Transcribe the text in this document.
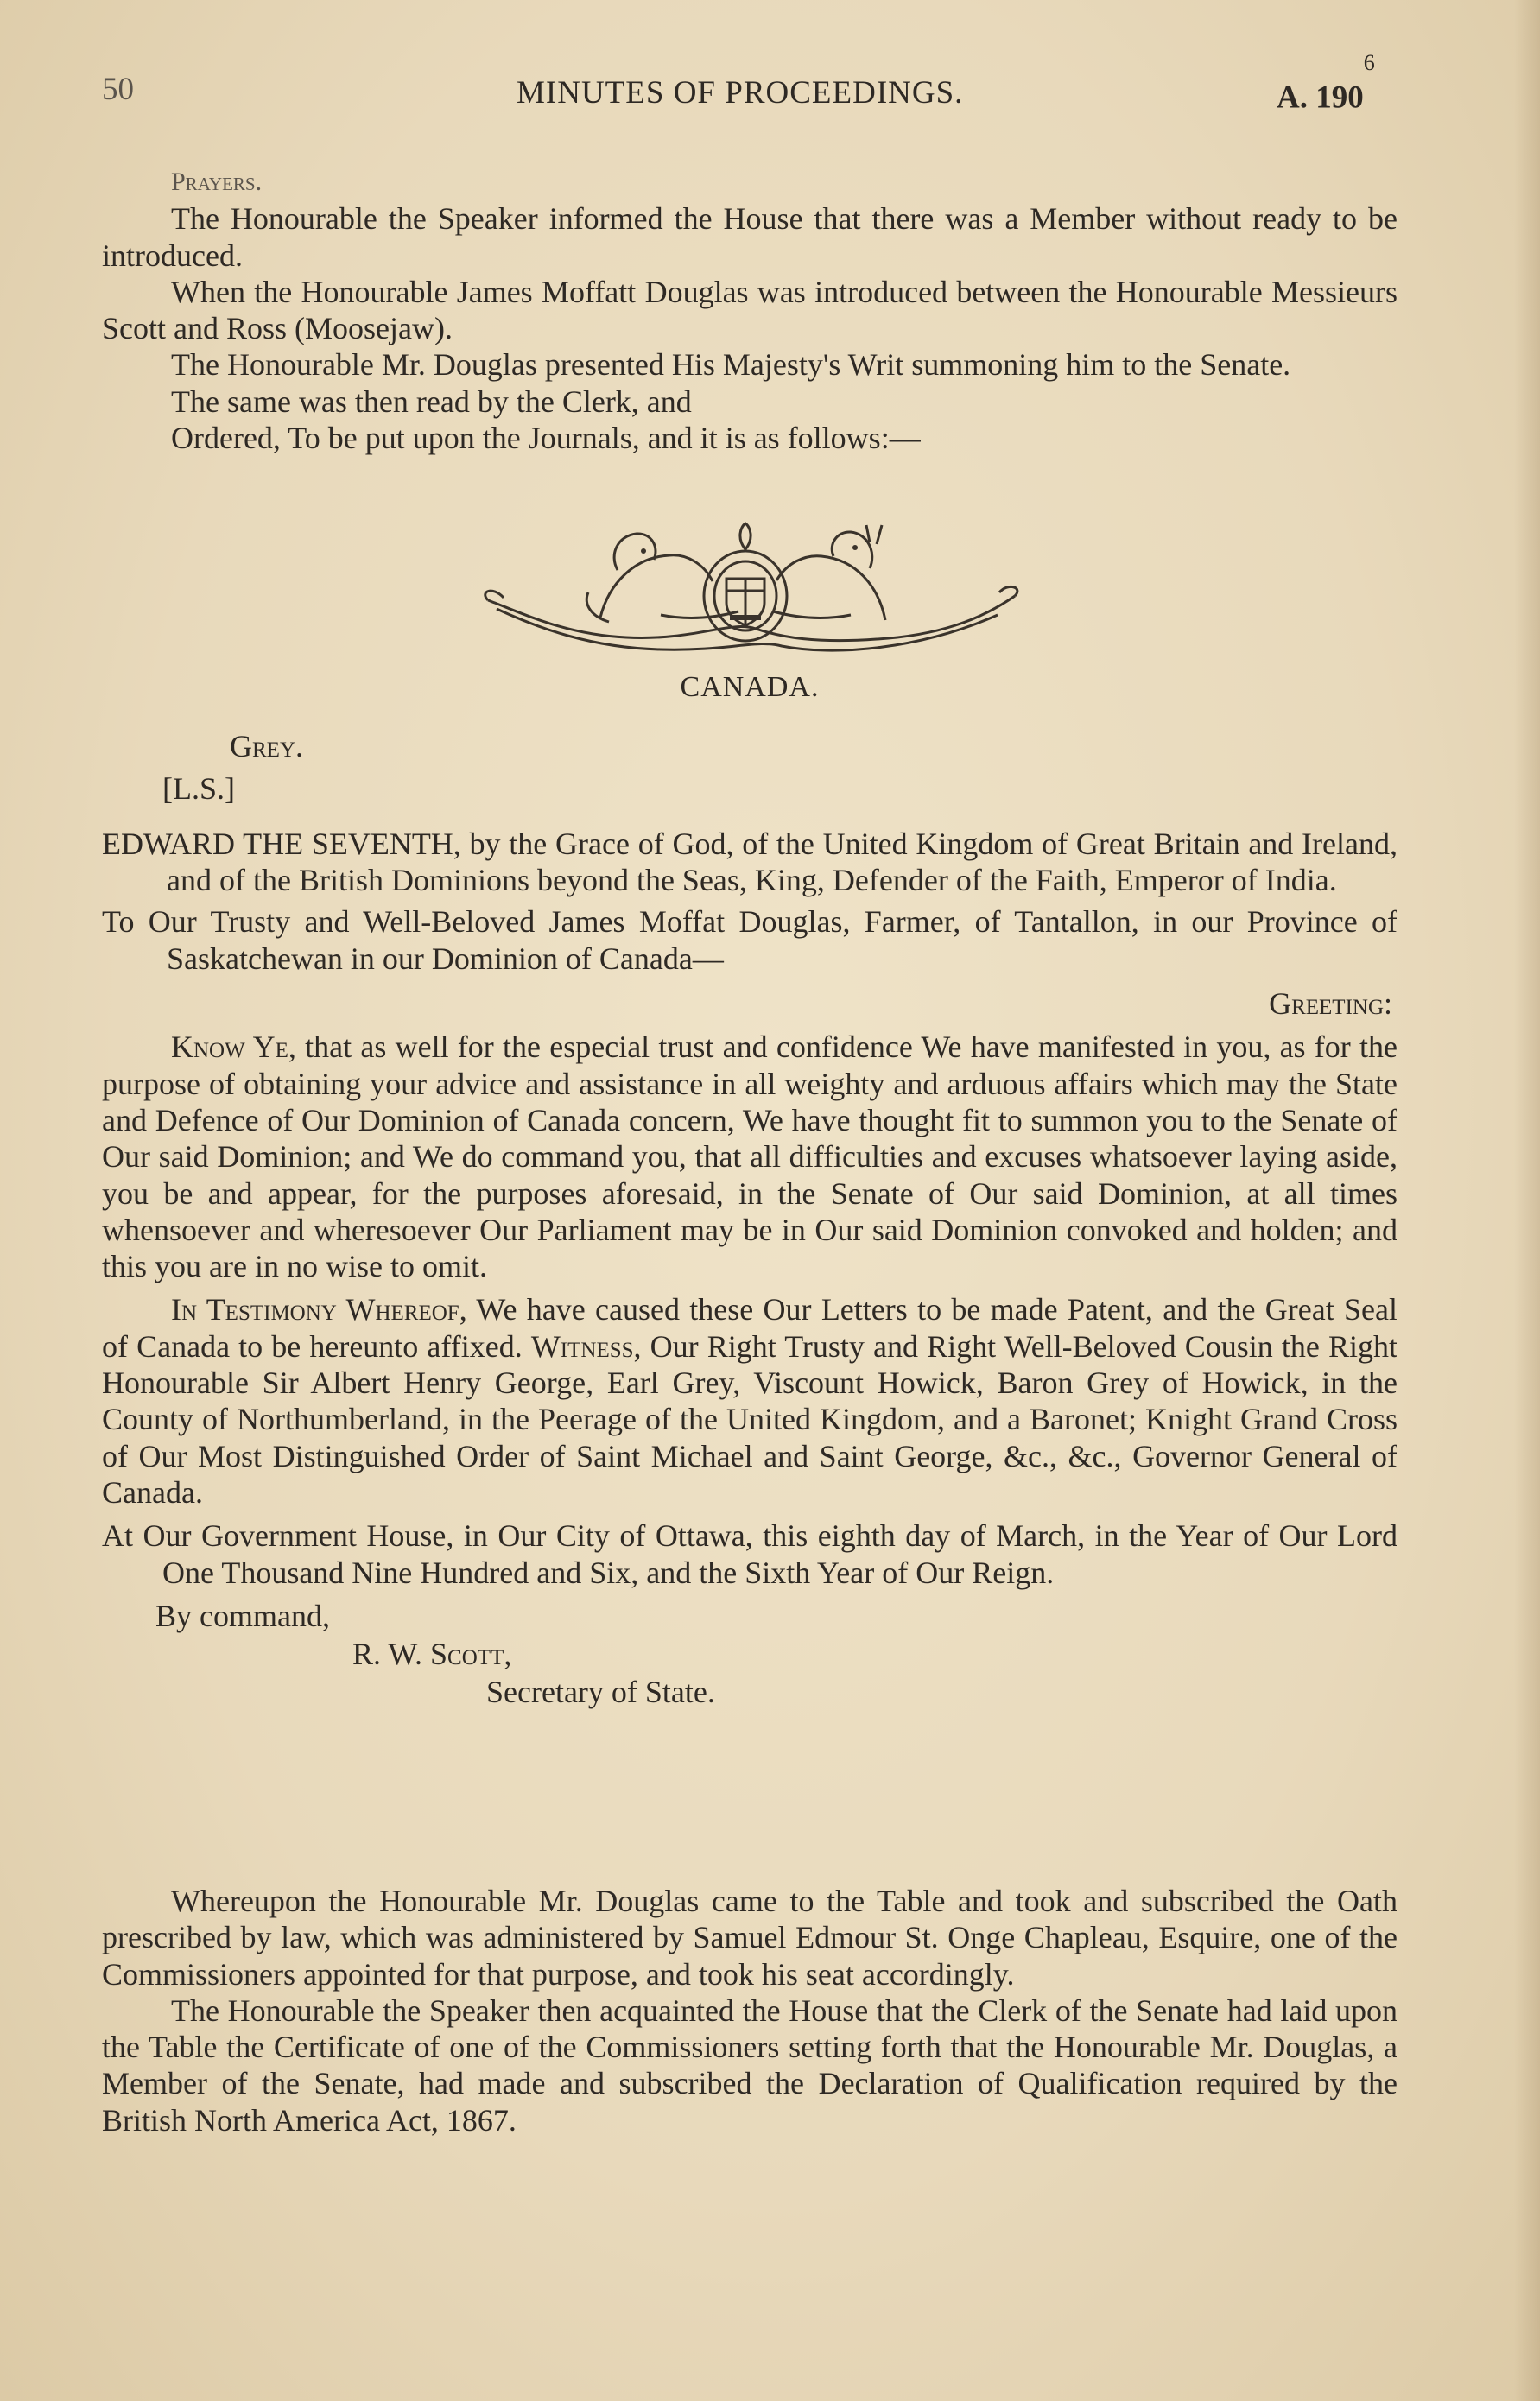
50	MINUTES OF PROCEEDINGS.	A. $190^6$

Prayers.

The Honourable the Speaker informed the House that there was a Member without ready to be introduced.

When the Honourable James Moffatt Douglas was introduced between the Honourable Messieurs Scott and Ross (Moosejaw).

The Honourable Mr. Douglas presented His Majesty's Writ summoning him to the Senate.

The same was then read by the Clerk, and

Ordered, To be put upon the Journals, and it is as follows:—

CANADA.

Grey.

[L.S.]

EDWARD THE SEVENTH, by the Grace of God, of the United Kingdom of Great Britain and Ireland, and of the British Dominions beyond the Seas, King, Defender of the Faith, Emperor of India.

To Our Trusty and Well-Beloved James Moffat Douglas, Farmer, of Tantallon, in our Province of Saskatchewan in our Dominion of Canada—

Greeting:

Know Ye, that as well for the especial trust and confidence We have manifested in you, as for the purpose of obtaining your advice and assistance in all weighty and arduous affairs which may the State and Defence of Our Dominion of Canada concern, We have thought fit to summon you to the Senate of Our said Dominion; and We do command you, that all difficulties and excuses whatsoever laying aside, you be and appear, for the purposes aforesaid, in the Senate of Our said Dominion, at all times whensoever and wheresoever Our Parliament may be in Our said Dominion convoked and holden; and this you are in no wise to omit.

In Testimony Whereof, We have caused these Our Letters to be made Patent, and the Great Seal of Canada to be hereunto affixed. Witness, Our Right Trusty and Right Well-Beloved Cousin the Right Honourable Sir Albert Henry George, Earl Grey, Viscount Howick, Baron Grey of Howick, in the County of Northumberland, in the Peerage of the United Kingdom, and a Baronet; Knight Grand Cross of Our Most Distinguished Order of Saint Michael and Saint George, &c., &c., Governor General of Canada.

At Our Government House, in Our City of Ottawa, this eighth day of March, in the Year of Our Lord One Thousand Nine Hundred and Six, and the Sixth Year of Our Reign.

By command,

R. W. Scott,

Secretary of State.

Whereupon the Honourable Mr. Douglas came to the Table and took and subscribed the Oath prescribed by law, which was administered by Samuel Edmour St. Onge Chapleau, Esquire, one of the Commissioners appointed for that purpose, and took his seat accordingly.

The Honourable the Speaker then acquainted the House that the Clerk of the Senate had laid upon the Table the Certificate of one of the Commissioners setting forth that the Honourable Mr. Douglas, a Member of the Senate, had made and subscribed the Declaration of Qualification required by the British North America Act, 1867.
